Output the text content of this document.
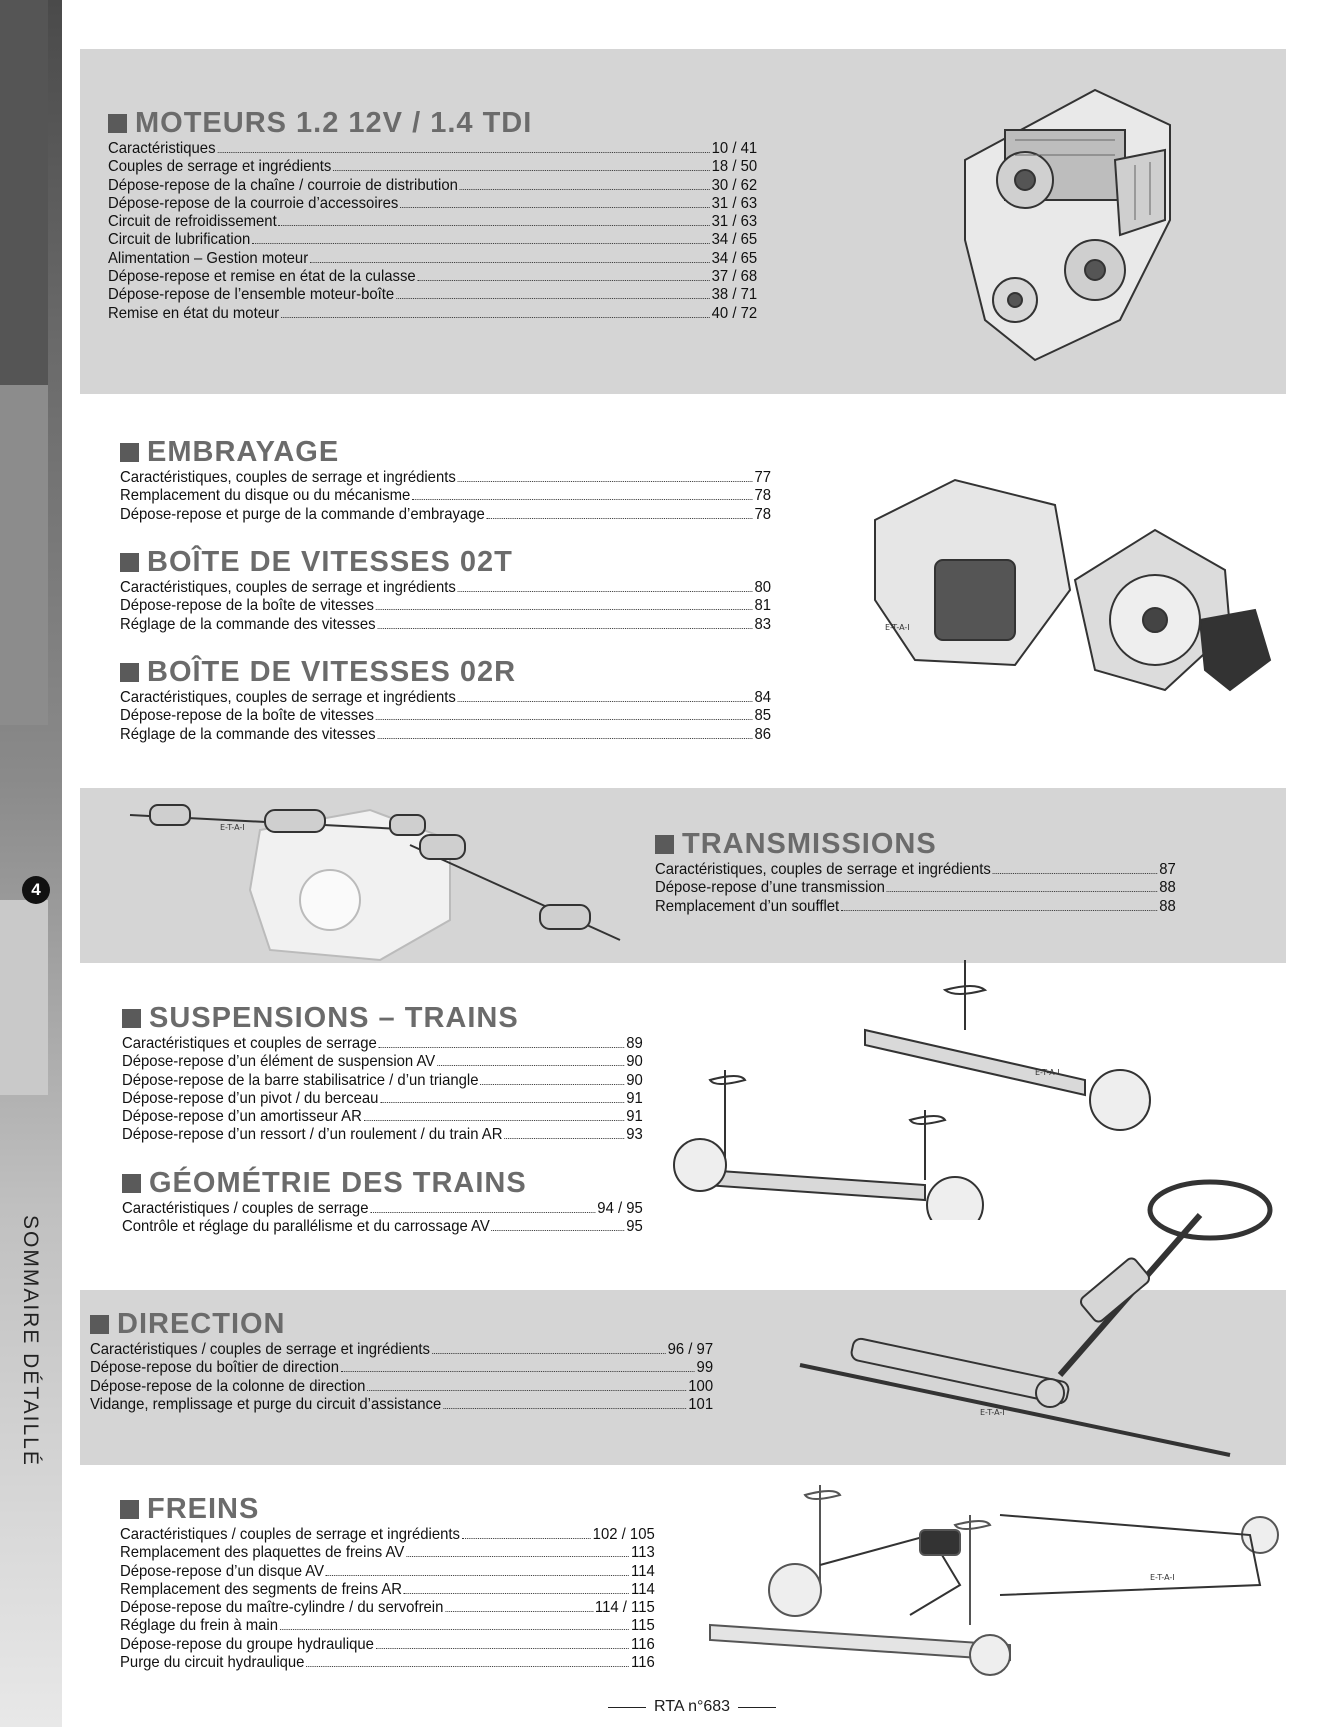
4
SOMMAIRE DÉTAILLÉ
MOTEURS 1.2 12V / 1.4 TDI
Caractéristiques	10 / 41
Couples de serrage et ingrédients	18 / 50
Dépose-repose de la chaîne / courroie de distribution	30 / 62
Dépose-repose de la courroie d’accessoires	31 / 63
Circuit de refroidissement	31 / 63
Circuit de lubrification	34 / 65
Alimentation – Gestion moteur	34 / 65
Dépose-repose et remise en état de la culasse	37 / 68
Dépose-repose de l’ensemble moteur-boîte	38 / 71
Remise en état du moteur	40 / 72
EMBRAYAGE
Caractéristiques, couples de serrage et ingrédients	77
Remplacement du disque ou du mécanisme	78
Dépose-repose et purge de la commande d’embrayage	78
BOÎTE DE VITESSES 02T
Caractéristiques, couples de serrage et ingrédients	80
Dépose-repose de la boîte de vitesses	81
Réglage de la commande des vitesses	83
BOÎTE DE VITESSES 02R
Caractéristiques, couples de serrage et ingrédients	84
Dépose-repose de la boîte de vitesses	85
Réglage de la commande des vitesses	86
TRANSMISSIONS
Caractéristiques, couples de serrage et ingrédients	87
Dépose-repose d’une transmission	88
Remplacement d’un soufflet	88
SUSPENSIONS – TRAINS
Caractéristiques et couples de serrage	89
Dépose-repose d’un élément de suspension AV	90
Dépose-repose de la barre stabilisatrice / d’un triangle	90
Dépose-repose d’un pivot / du berceau	91
Dépose-repose d’un amortisseur AR	91
Dépose-repose d’un ressort / d’un roulement / du train AR	93
GÉOMÉTRIE DES TRAINS
Caractéristiques / couples de serrage	94 / 95
Contrôle et réglage du parallélisme et du carrossage AV	95
DIRECTION
Caractéristiques / couples de serrage et ingrédients	96 / 97
Dépose-repose du boîtier de direction	99
Dépose-repose de la colonne de direction	100
Vidange, remplissage et purge du circuit d’assistance	101
FREINS
Caractéristiques / couples de serrage et ingrédients	102 / 105
Remplacement des plaquettes de freins AV	113
Dépose-repose d’un disque AV	114
Remplacement des segments de freins AR	114
Dépose-repose du maître-cylindre / du servofrein	114 / 115
Réglage du frein à main	115
Dépose-repose du groupe hydraulique	116
Purge du circuit hydraulique	116
E-T-A-I
E-T-A-I
E-T-A-I
E-T-A-I
E-T-A-I
RTA n°683
